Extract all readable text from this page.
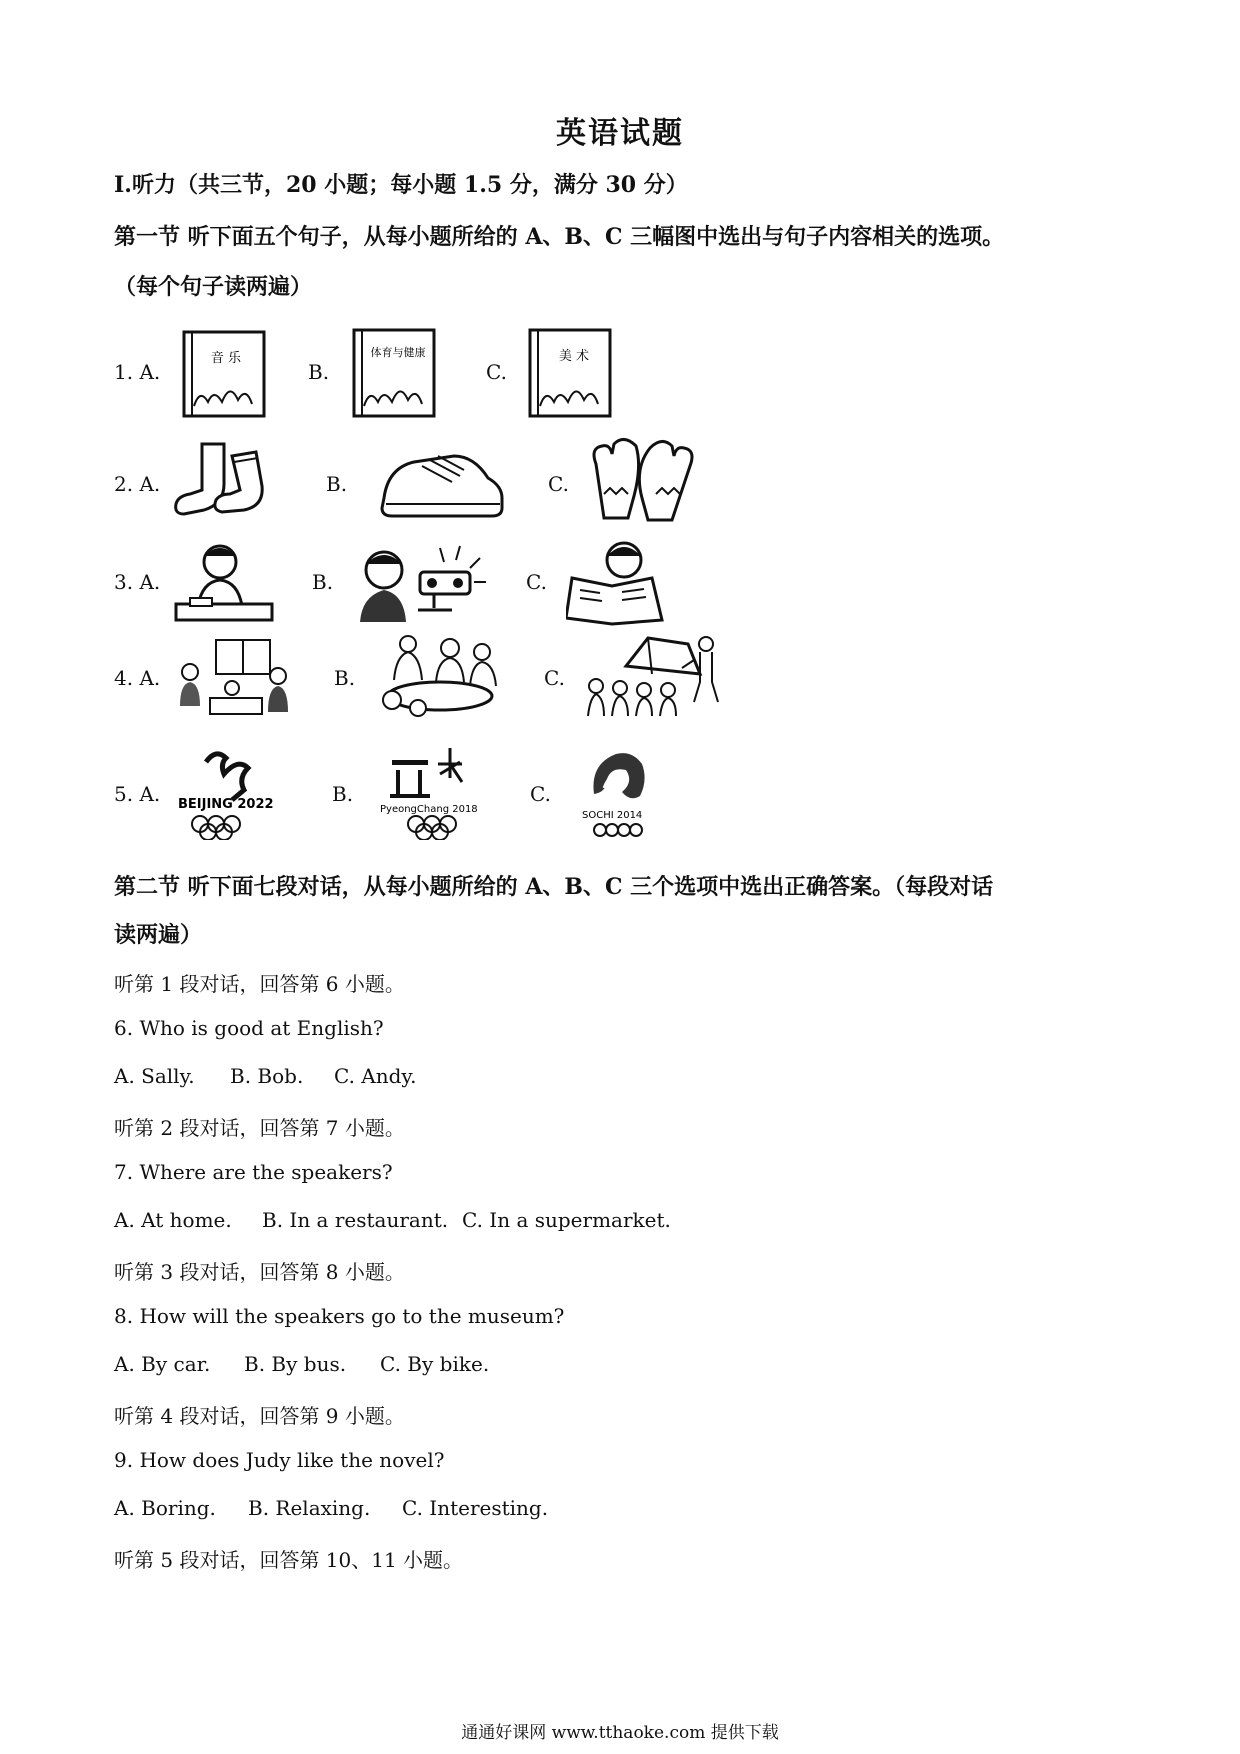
英语试题
I.听力（共三节，20 小题；每小题 1.5 分，满分 30 分）
第一节 听下面五个句子，从每小题所给的 A、B、C 三幅图中选出与句子内容相关的选项。
（每个句子读两遍）
1. A.	B.	C.
音 乐	体育与健康	美 术
2. A.	B.	C.
3. A.	B.	C.
4. A.	B.	C.
5. A.	B.	C.
BEIJING 2022	PyeongChang 2018
SOCHI 2014
第二节 听下面七段对话，从每小题所给的 A、B、C 三个选项中选出正确答案。（每段对话
读两遍）
听第 1 段对话，回答第 6 小题。
6. Who is good at English?
A. Sally. B. Bob. C. Andy.
听第 2 段对话，回答第 7 小题。
7. Where are the speakers?
A. At home. B. In a restaurant. C. In a supermarket.
听第 3 段对话，回答第 8 小题。
8. How will the speakers go to the museum?
A. By car. B. By bus. C. By bike.
听第 4 段对话，回答第 9 小题。
9. How does Judy like the novel?
A. Boring. B. Relaxing. C. Interesting.
听第 5 段对话，回答第 10、11 小题。
通通好课网 www.tthaoke.com 提供下载
